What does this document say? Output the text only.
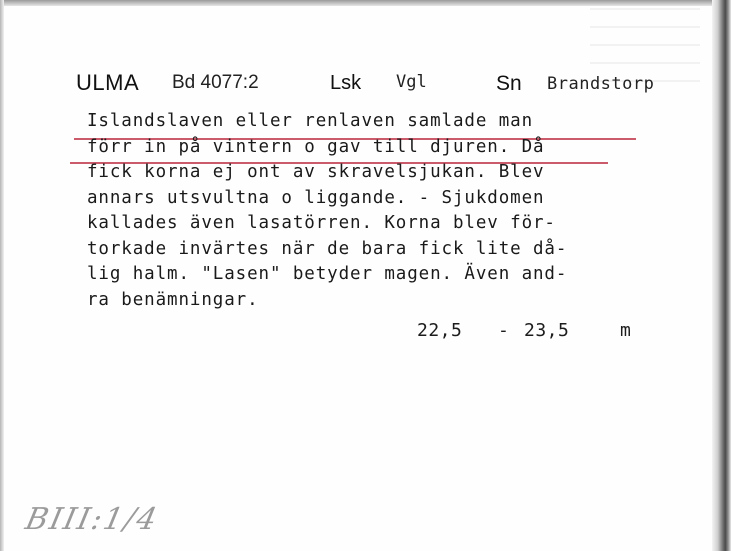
ULMA Bd 4077:2	Lsk Vgl	Sn Brandstorp
Islandslaven eller renlaven samlade man
förr in på vintern o gav till djuren. Då
fick korna ej ont av skravelsjukan. Blev
annars utsvultna o liggande. - Sjukdomen
kallades även lasatörren. Korna blev för-
torkade invärtes när de bara fick lite då-
lig halm. "Lasen" betyder magen. Även and-
ra benämningar.
22,5 - 23,5	m
BIII:1/4
